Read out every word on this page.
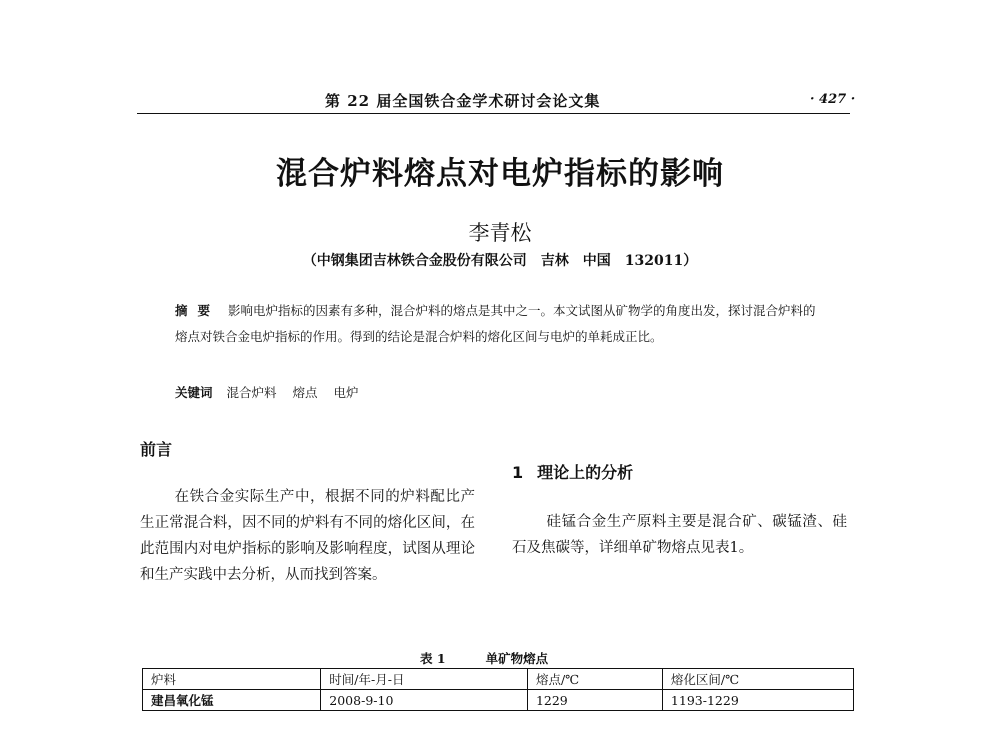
第 22 届全国铁合金学术研讨会论文集	· 427 ·
混合炉料熔点对电炉指标的影响
李青松
（中钢集团吉林铁合金股份有限公司　吉林　中国　132011）
摘要 影响电炉指标的因素有多种，混合炉料的熔点是其中之一。本文试图从矿物学的角度出发，探讨混合炉料的熔点对铁合金电炉指标的作用。得到的结论是混合炉料的熔化区间与电炉的单耗成正比。
关键词 混合炉料 熔点 电炉
前言
在铁合金实际生产中，根据不同的炉料配比产生正常混合料，因不同的炉料有不同的熔化区间，在此范围内对电炉指标的影响及影响程度，试图从理论和生产实践中去分析，从而找到答案。
1 理论上的分析
硅锰合金生产原料主要是混合矿、碳锰渣、硅石及焦碳等，详细单矿物熔点见表1。
表 1	单矿物熔点
炉料	时间/年-月-日	熔点/℃	熔化区间/℃
建昌氧化锰	2008-9-10	1229	1193-1229
